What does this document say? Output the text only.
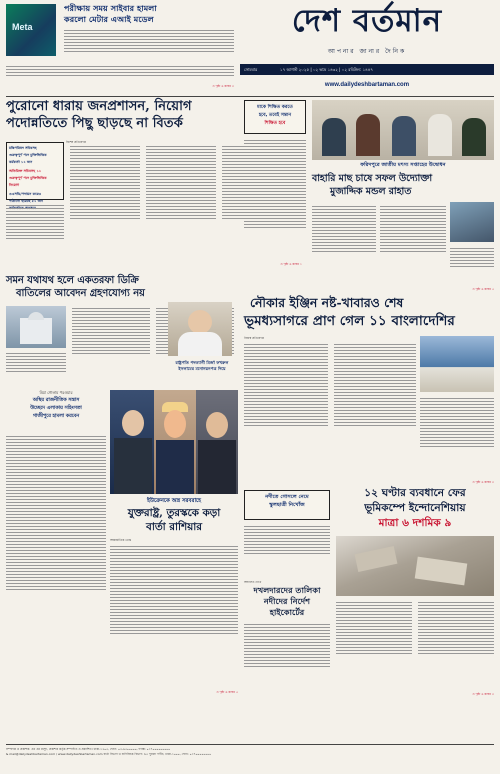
Meta
পরীক্ষায় সময় সাইবার হামলা
করলো মেটার এআই মডেল
এ পৃষ্ঠা ৬ কলাম ৩
দেশ বর্তমান
আপনার জানার দৈনিক
সোমবার	১৭ আগস্ট ২০২৫ | ০২ ভাদ্র ১৪৩২ | ০২ রবিউল: ১৪৪৭
www.dailydeshbartaman.com
পুরোনো ধারায় জনপ্রশাসন, নিয়োগ
পদোন্নতিতে পিছু ছাড়ছে না বিতর্ক
বিশেষ প্রতিবেদক
মন্ত্রিপরিষদ সচিবসহ
গুরুত্বপূর্ণ পদে চুক্তিভিত্তিক
কর্মকর্তা ১২ জন
অতিরিক্ত সচিবসহ ১২
গুরুত্বপূর্ণ পদে চুক্তিভিত্তিক
নিয়োগ
ওএসডি/পদায়ন করেও
পাঠানো হয়েছে ৫২ জন
এ পৃষ্ঠা ৬ কলাম ১
মাকে শিক্ষিত করতে
হবে, তবেই সন্তান
শিক্ষিত হবে
ফরিদপুরে জাতীয় মৎস্য সপ্তাহের উদ্বোধন
বাহারি মাছ চাষে সফল উদ্যোক্তা
মুজাদ্দিক মন্ডল রাহাত
এ পৃষ্ঠা ৬ কলাম ৫
সমন যথাযথ হলে একতরফা ডিক্রি
বাতিলের আবেদন গ্রহণযোগ্য নয়
রাষ্ট্রপতি পদত্যাগী মির্জা ফখরুল
ইসলামের মনোনয়নপত্র দিয়ে
নৌকার ইঞ্জিন নষ্ট-খাবারও শেষ
ভূমধ্যসাগরে প্রাণ গেল ১১ বাংলাদেশির
নিজস্ব প্রতিবেদক
এ পৃষ্ঠা ৬ কলাম ৩
মিয়া গোলাম পরওয়ার
অস্থির রাজনীতিক সন্ত্রাস
উচ্ছেদে এলাকায় সহিংসতা
গাজীপুরে হামলা করবেন
ইউক্রেনকে অস্ত্র সরবরাহে
যুক্তরাষ্ট্র, তুরস্ককে কড়া
বার্তা রাশিয়ার
আন্তর্জাতিক ডেস্ক
এ পৃষ্ঠা ৬ কলাম ৫
নদীতে গোসলে নেমে
স্কুলছাত্রী নিখোঁজ
আদালত দেখে
দখলদারদের তালিকা
নদীদের নির্দেশ
হাইকোর্টের
১২ ঘণ্টার ব্যবধানে ফের
ভূমিকম্পে ইন্দোনেশিয়ায়
মাত্রা ৬ দশমিক ৯
এ পৃষ্ঠা ৬ কলাম ৩
সম্পাদক ও প্রকাশক: এম এম মাসুদ, প্রকাশক কর্তৃক সম্পাদিত ও প্রকাশিত। ঢাকা-১২০৫, ফোন: ০২-৯৫০০০০০, ফ্যাক্স: ০১৭০০০০০০০০০
& mail@dailydeshbartaman.com / www.dailydeshbartaman.com বার্তা বিভাগ ও বাণিজ্যিক বিভাগ: ৬৫ পুরানা পল্টন, ঢাকা-১০০০, ফোন: ০১৭০০০০০০০০
